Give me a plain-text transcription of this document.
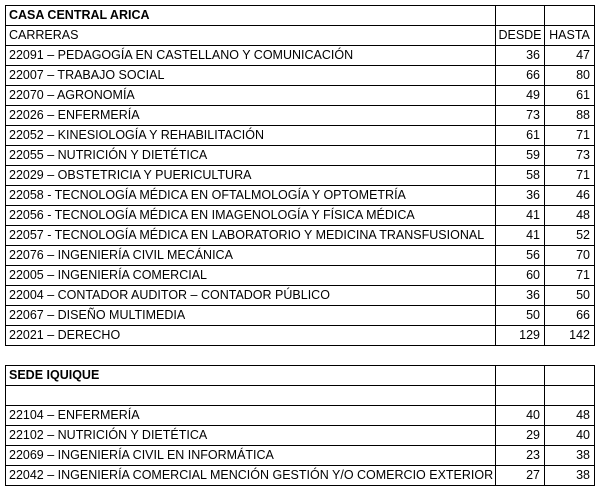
CASA CENTRAL ARICA		
CARRERAS	DESDE	HASTA
22091 – PEDAGOGÍA EN CASTELLANO Y COMUNICACIÓN	36	47
22007 – TRABAJO SOCIAL	66	80
22070 – AGRONOMÍA	49	61
22026 – ENFERMERÍA	73	88
22052 – KINESIOLOGÍA Y REHABILITACIÓN	61	71
22055 – NUTRICIÓN Y DIETÉTICA	59	73
22029 – OBSTETRICIA Y PUERICULTURA	58	71
22058 - TECNOLOGÍA MÉDICA EN OFTALMOLOGÍA Y OPTOMETRÍA	36	46
22056 - TECNOLOGÍA MÉDICA EN IMAGENOLOGÍA Y FÍSICA MÉDICA	41	48
22057 - TECNOLOGÍA MÉDICA EN LABORATORIO Y MEDICINA TRANSFUSIONAL	41	52
22076 – INGENIERÍA CIVIL MECÁNICA	56	70
22005 – INGENIERÍA COMERCIAL	60	71
22004 – CONTADOR AUDITOR – CONTADOR PÚBLICO	36	50
22067 – DISEÑO MULTIMEDIA	50	66
22021 – DERECHO	129	142
SEDE IQUIQUE		

22104 – ENFERMERÍA	40	48
22102 – NUTRICIÓN Y DIETÉTICA	29	40
22069 – INGENIERÍA CIVIL EN INFORMÁTICA	23	38
22042 – INGENIERÍA COMERCIAL MENCIÓN GESTIÓN Y/O COMERCIO EXTERIOR	27	38
